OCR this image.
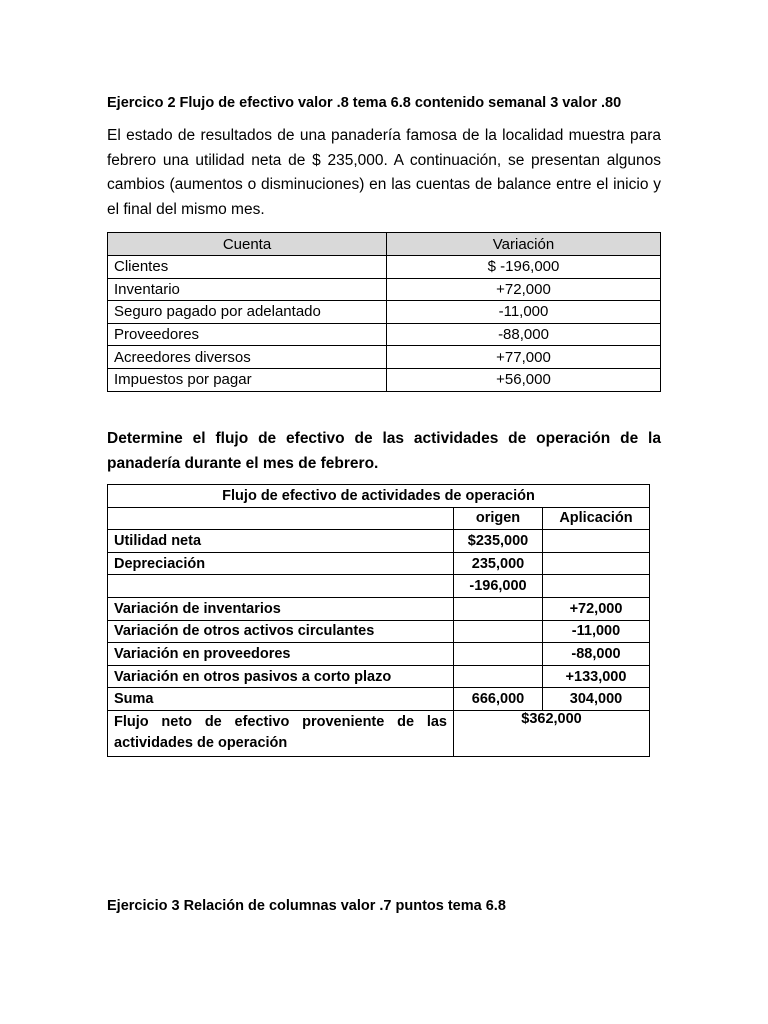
Ejercico 2 Flujo de efectivo valor .8 tema 6.8 contenido semanal 3 valor .80

El estado de resultados de una panadería famosa de la localidad muestra para febrero una utilidad neta de $ 235,000. A continuación, se presentan algunos cambios (aumentos o disminuciones) en las cuentas de balance entre el inicio y el final del mismo mes.

Cuenta	Variación
Clientes	$ -196,000
Inventario	+72,000
Seguro pagado por adelantado	-11,000
Proveedores	-88,000
Acreedores diversos	+77,000
Impuestos por pagar	+56,000

Determine el flujo de efectivo de las actividades de operación de la panadería durante el mes de febrero.

Flujo de efectivo de actividades de operación		
	origen	Aplicación
Utilidad neta	$235,000	
Depreciación	235,000	
	-196,000	
Variación de inventarios		+72,000
Variación de otros activos circulantes		-11,000
Variación en proveedores		-88,000
Variación en otros pasivos a corto plazo		+133,000
Suma	666,000	304,000
Flujo neto de efectivo proveniente de las actividades de operación	$362,000	
Ejercicio 3 Relación de columnas valor .7 puntos tema 6.8
